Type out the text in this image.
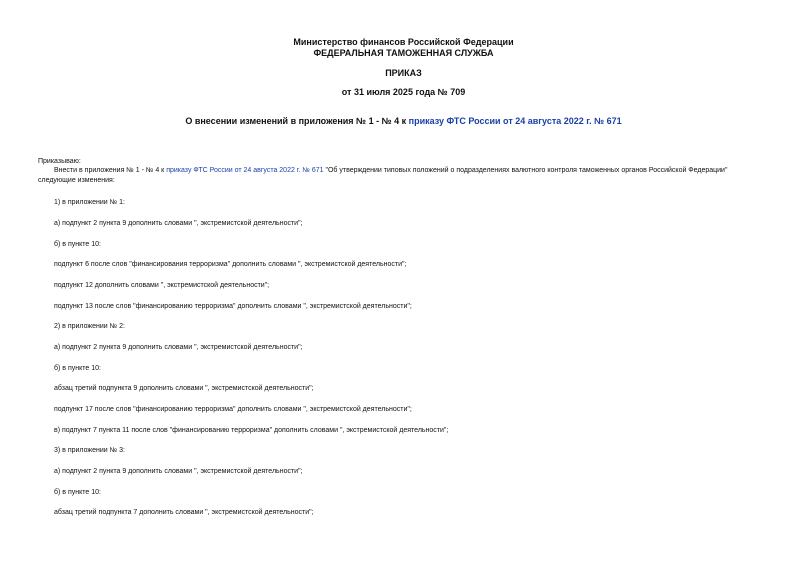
Министерство финансов Российской Федерации
ФЕДЕРАЛЬНАЯ ТАМОЖЕННАЯ СЛУЖБА
ПРИКАЗ
от 31 июля 2025 года № 709
О внесении изменений в приложения № 1 - № 4 к приказу ФТС России от 24 августа 2022 г. № 671
Приказываю:
Внести в приложения № 1 - № 4 к приказу ФТС России от 24 августа 2022 г. № 671 "Об утверждении типовых положений о подразделениях валютного контроля таможенных органов Российской Федерации"
следующие изменения:
1) в приложении № 1:
а) подпункт 2 пункта 9 дополнить словами ", экстремистской деятельности";
б) в пункте 10:
подпункт 6 после слов "финансирования терроризма" дополнить словами ", экстремистской деятельности";
подпункт 12 дополнить словами ", экстремистской деятельности";
подпункт 13 после слов "финансированию терроризма" дополнить словами ", экстремистской деятельности";
2) в приложении № 2:
а) подпункт 2 пункта 9 дополнить словами ", экстремистской деятельности";
б) в пункте 10:
абзац третий подпункта 9 дополнить словами ", экстремистской деятельности";
подпункт 17 после слов "финансированию терроризма" дополнить словами ", экстремистской деятельности";
в) подпункт 7 пункта 11 после слов "финансированию терроризма" дополнить словами ", экстремистской деятельности";
3) в приложении № 3:
а) подпункт 2 пункта 9 дополнить словами ", экстремистской деятельности";
б) в пункте 10:
абзац третий подпункта 7 дополнить словами ", экстремистской деятельности";
